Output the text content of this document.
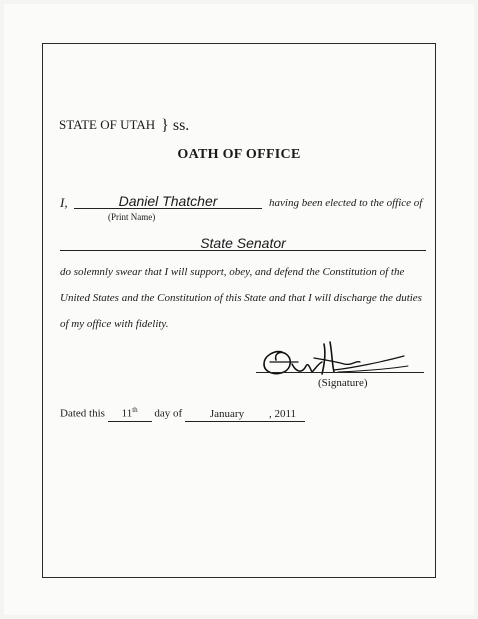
STATE OF UTAH } ss.
OATH OF OFFICE
I,	Daniel Thatcher
(Print Name)
having been elected to the office of
State Senator
do solemnly swear that I will support, obey, and defend the Constitution of the
United States and the Constitution of this State and that I will discharge the duties
of my office with fidelity.
(Signature)
Dated this 11th day of	January , 2011
